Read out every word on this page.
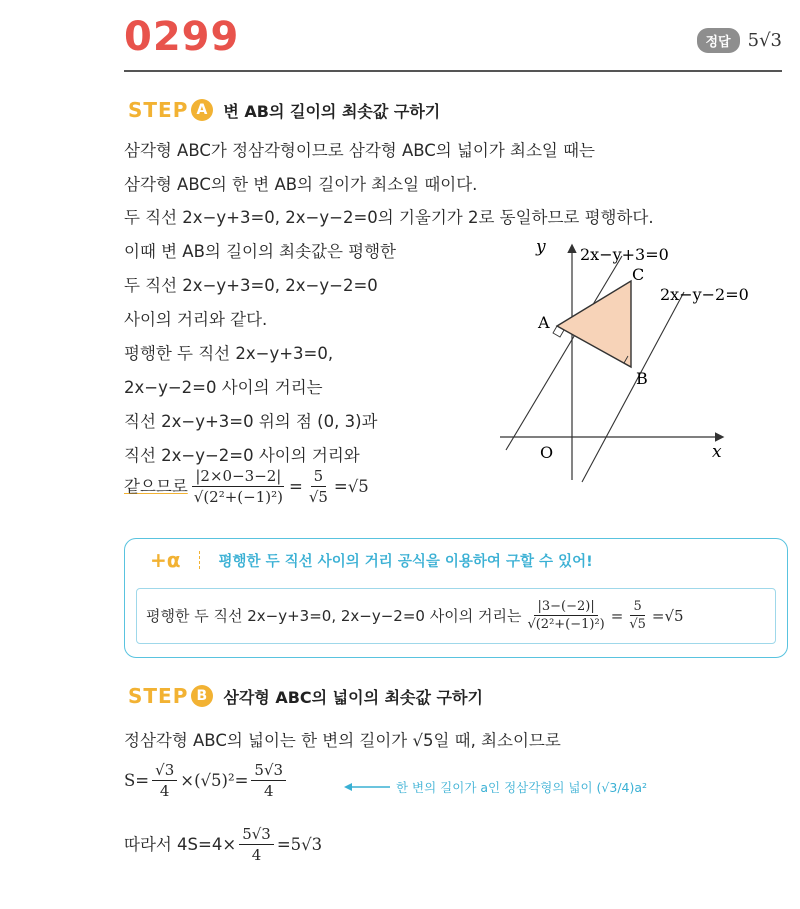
0299	정답 5√3
STEP A 변 AB의 길이의 최솟값 구하기
삼각형 ABC가 정삼각형이므로 삼각형 ABC의 넓이가 최소일 때는
삼각형 ABC의 한 변 AB의 길이가 최소일 때이다.
두 직선 2x−y+3=0, 2x−y−2=0의 기울기가 2로 동일하므로 평행하다.
이때 변 AB의 길이의 최솟값은 평행한
두 직선 2x−y+3=0, 2x−y−2=0
사이의 거리와 같다.
평행한 두 직선 2x−y+3=0,
2x−y−2=0 사이의 거리는
직선 2x−y+3=0 위의 점 (0, 3)과
직선 2x−y−2=0 사이의 거리와
같으므로 $\frac{|2\times 0-3-2|}{\text{√(2²+(−1)²)}} = \frac{5}{√5} =√5$
y
x
O
2x−y+3=0
2x−y−2=0
A
B
C
+α	평행한 두 직선 사이의 거리 공식을 이용하여 구할 수 있어!
평행한 두 직선 2x−y+3=0, 2x−y−2=0 사이의 거리는 $\frac{|3-(-2)|}{\text{√(2²+(−1)²)}} = \frac{5}{√5} =√5$
STEP B 삼각형 ABC의 넓이의 최솟값 구하기
정삼각형 ABC의 넓이는 한 변의 길이가 √5일 때, 최소이므로
$S= \frac{√3}{4} \times(√5)^2= \frac{5√3}{4}$	한 변의 길이가 a인 정삼각형의 넓이 (√3/4)a²
따라서 $4S=4\times \frac{5√3}{4} =5√3$
